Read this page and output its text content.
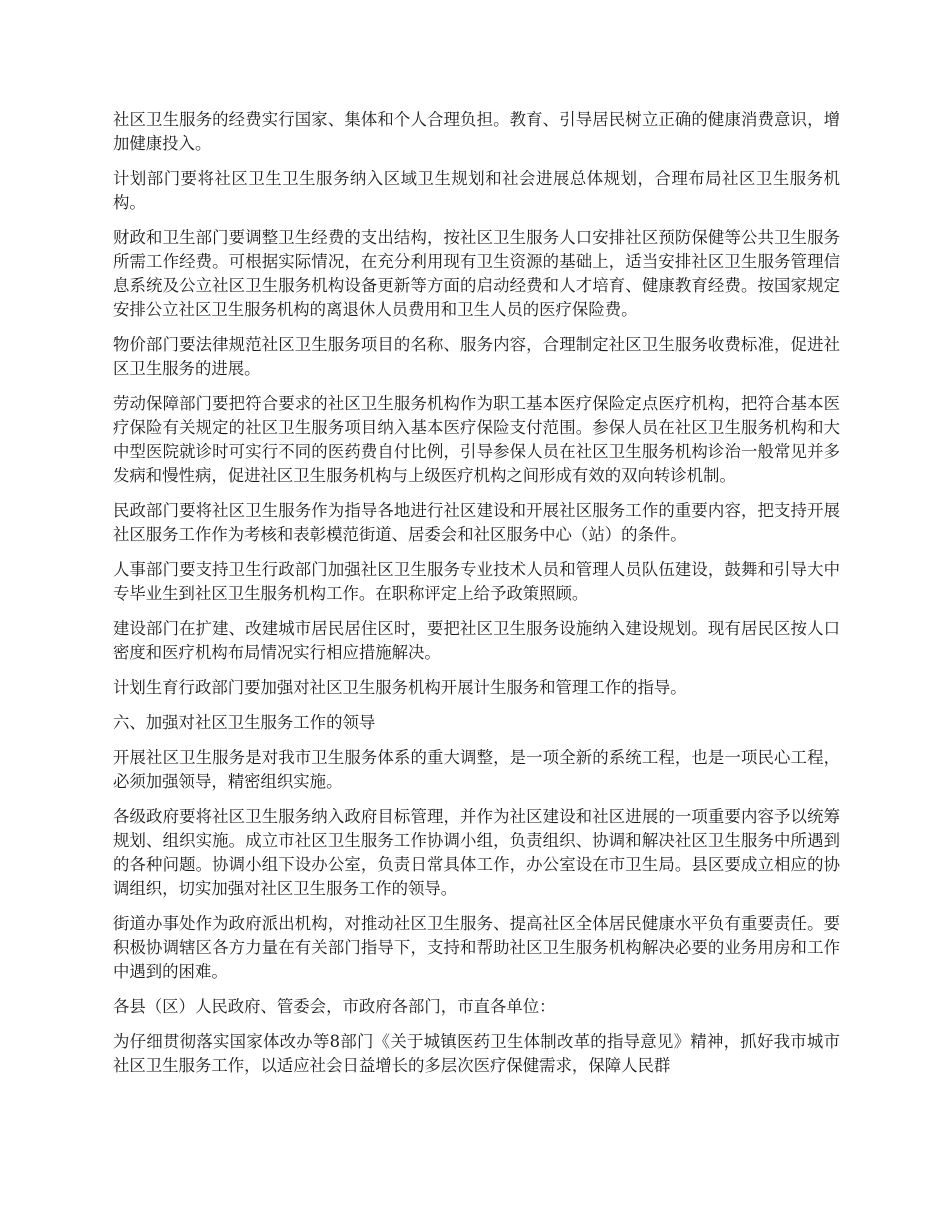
社区卫生服务的经费实行国家、集体和个人合理负担。教育、引导居民树立正确的健康消费意识，增加健康投入。

计划部门要将社区卫生卫生服务纳入区域卫生规划和社会进展总体规划，合理布局社区卫生服务机构。

财政和卫生部门要调整卫生经费的支出结构，按社区卫生服务人口安排社区预防保健等公共卫生服务所需工作经费。可根据实际情况，在充分利用现有卫生资源的基础上，适当安排社区卫生服务管理信息系统及公立社区卫生服务机构设备更新等方面的启动经费和人才培育、健康教育经费。按国家规定安排公立社区卫生服务机构的离退休人员费用和卫生人员的医疗保险费。

物价部门要法律规范社区卫生服务项目的名称、服务内容，合理制定社区卫生服务收费标准，促进社区卫生服务的进展。

劳动保障部门要把符合要求的社区卫生服务机构作为职工基本医疗保险定点医疗机构，把符合基本医疗保险有关规定的社区卫生服务项目纳入基本医疗保险支付范围。参保人员在社区卫生服务机构和大中型医院就诊时可实行不同的医药费自付比例，引导参保人员在社区卫生服务机构诊治一般常见并多发病和慢性病，促进社区卫生服务机构与上级医疗机构之间形成有效的双向转诊机制。

民政部门要将社区卫生服务作为指导各地进行社区建设和开展社区服务工作的重要内容，把支持开展社区服务工作作为考核和表彰模范街道、居委会和社区服务中心（站）的条件。

人事部门要支持卫生行政部门加强社区卫生服务专业技术人员和管理人员队伍建设，鼓舞和引导大中专毕业生到社区卫生服务机构工作。在职称评定上给予政策照顾。

建设部门在扩建、改建城市居民居住区时，要把社区卫生服务设施纳入建设规划。现有居民区按人口密度和医疗机构布局情况实行相应措施解决。

计划生育行政部门要加强对社区卫生服务机构开展计生服务和管理工作的指导。

六、加强对社区卫生服务工作的领导

开展社区卫生服务是对我市卫生服务体系的重大调整，是一项全新的系统工程，也是一项民心工程，必须加强领导，精密组织实施。

各级政府要将社区卫生服务纳入政府目标管理，并作为社区建设和社区进展的一项重要内容予以统筹规划、组织实施。成立市社区卫生服务工作协调小组，负责组织、协调和解决社区卫生服务中所遇到的各种问题。协调小组下设办公室，负责日常具体工作，办公室设在市卫生局。县区要成立相应的协调组织，切实加强对社区卫生服务工作的领导。

街道办事处作为政府派出机构，对推动社区卫生服务、提高社区全体居民健康水平负有重要责任。要积极协调辖区各方力量在有关部门指导下，支持和帮助社区卫生服务机构解决必要的业务用房和工作中遇到的困难。

各县（区）人民政府、管委会，市政府各部门，市直各单位：

为仔细贯彻落实国家体改办等8部门《关于城镇医药卫生体制改革的指导意见》精神，抓好我市城市社区卫生服务工作，以适应社会日益增长的多层次医疗保健需求，保障人民群
